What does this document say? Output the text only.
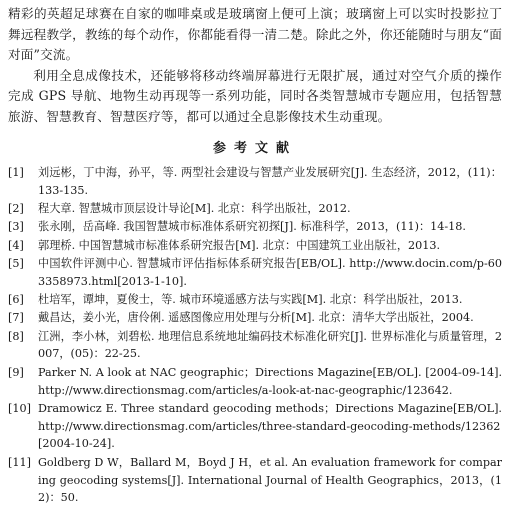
精彩的英超足球赛在自家的咖啡桌或是玻璃窗上便可上演；玻璃窗上可以实时投影拉丁舞远程教学，教练的每个动作，你都能看得一清二楚。除此之外，你还能随时与朋友“面对面”交流。

利用全息成像技术，还能够将移动终端屏幕进行无限扩展，通过对空气介质的操作完成 GPS 导航、地物生动再现等一系列功能，同时各类智慧城市专题应用，包括智慧旅游、智慧教育、智慧医疗等，都可以通过全息影像技术生动重现。

参考文献
[1]	刘远彬，丁中海，孙平，等. 两型社会建设与智慧产业发展研究[J]. 生态经济，2012，(11)：133-135.
[2]	程大章. 智慧城市顶层设计导论[M]. 北京：科学出版社，2012.
[3]	张永刚，岳高峰. 我国智慧城市标准体系研究初探[J]. 标准科学，2013，(11)：14-18.
[4]	郭理桥. 中国智慧城市标准体系研究报告[M]. 北京：中国建筑工业出版社，2013.
[5]	中国软件评测中心. 智慧城市评估指标体系研究报告[EB/OL]. http://www.docin.com/p-603358973.html[2013-1-10].
[6]	杜培军，谭坤，夏俊士，等. 城市环境遥感方法与实践[M]. 北京：科学出版社，2013.
[7]	戴昌达，姜小光，唐伶俐. 遥感图像应用处理与分析[M]. 北京：清华大学出版社，2004.
[8]	江洲，李小林，刘碧松. 地理信息系统地址编码技术标准化研究[J]. 世界标准化与质量管理，2007，(05)：22-25.
[9]	Parker N. A look at NAC geographic；Directions Magazine[EB/OL]. [2004-09-14]. http://www.directionsmag.com/articles/a-look-at-nac-geographic/123642.
[10] Dramowicz E. Three standard geocoding methods；Directions Magazine[EB/OL]. http://www.directionsmag.com/articles/three-standard-geocoding-methods/12362[2004-10-24].
[11] Goldberg D W，Ballard M，Boyd J H，et al. An evaluation framework for comparing geocoding systems[J]. International Journal of Health Geographics，2013，(12)：50.
